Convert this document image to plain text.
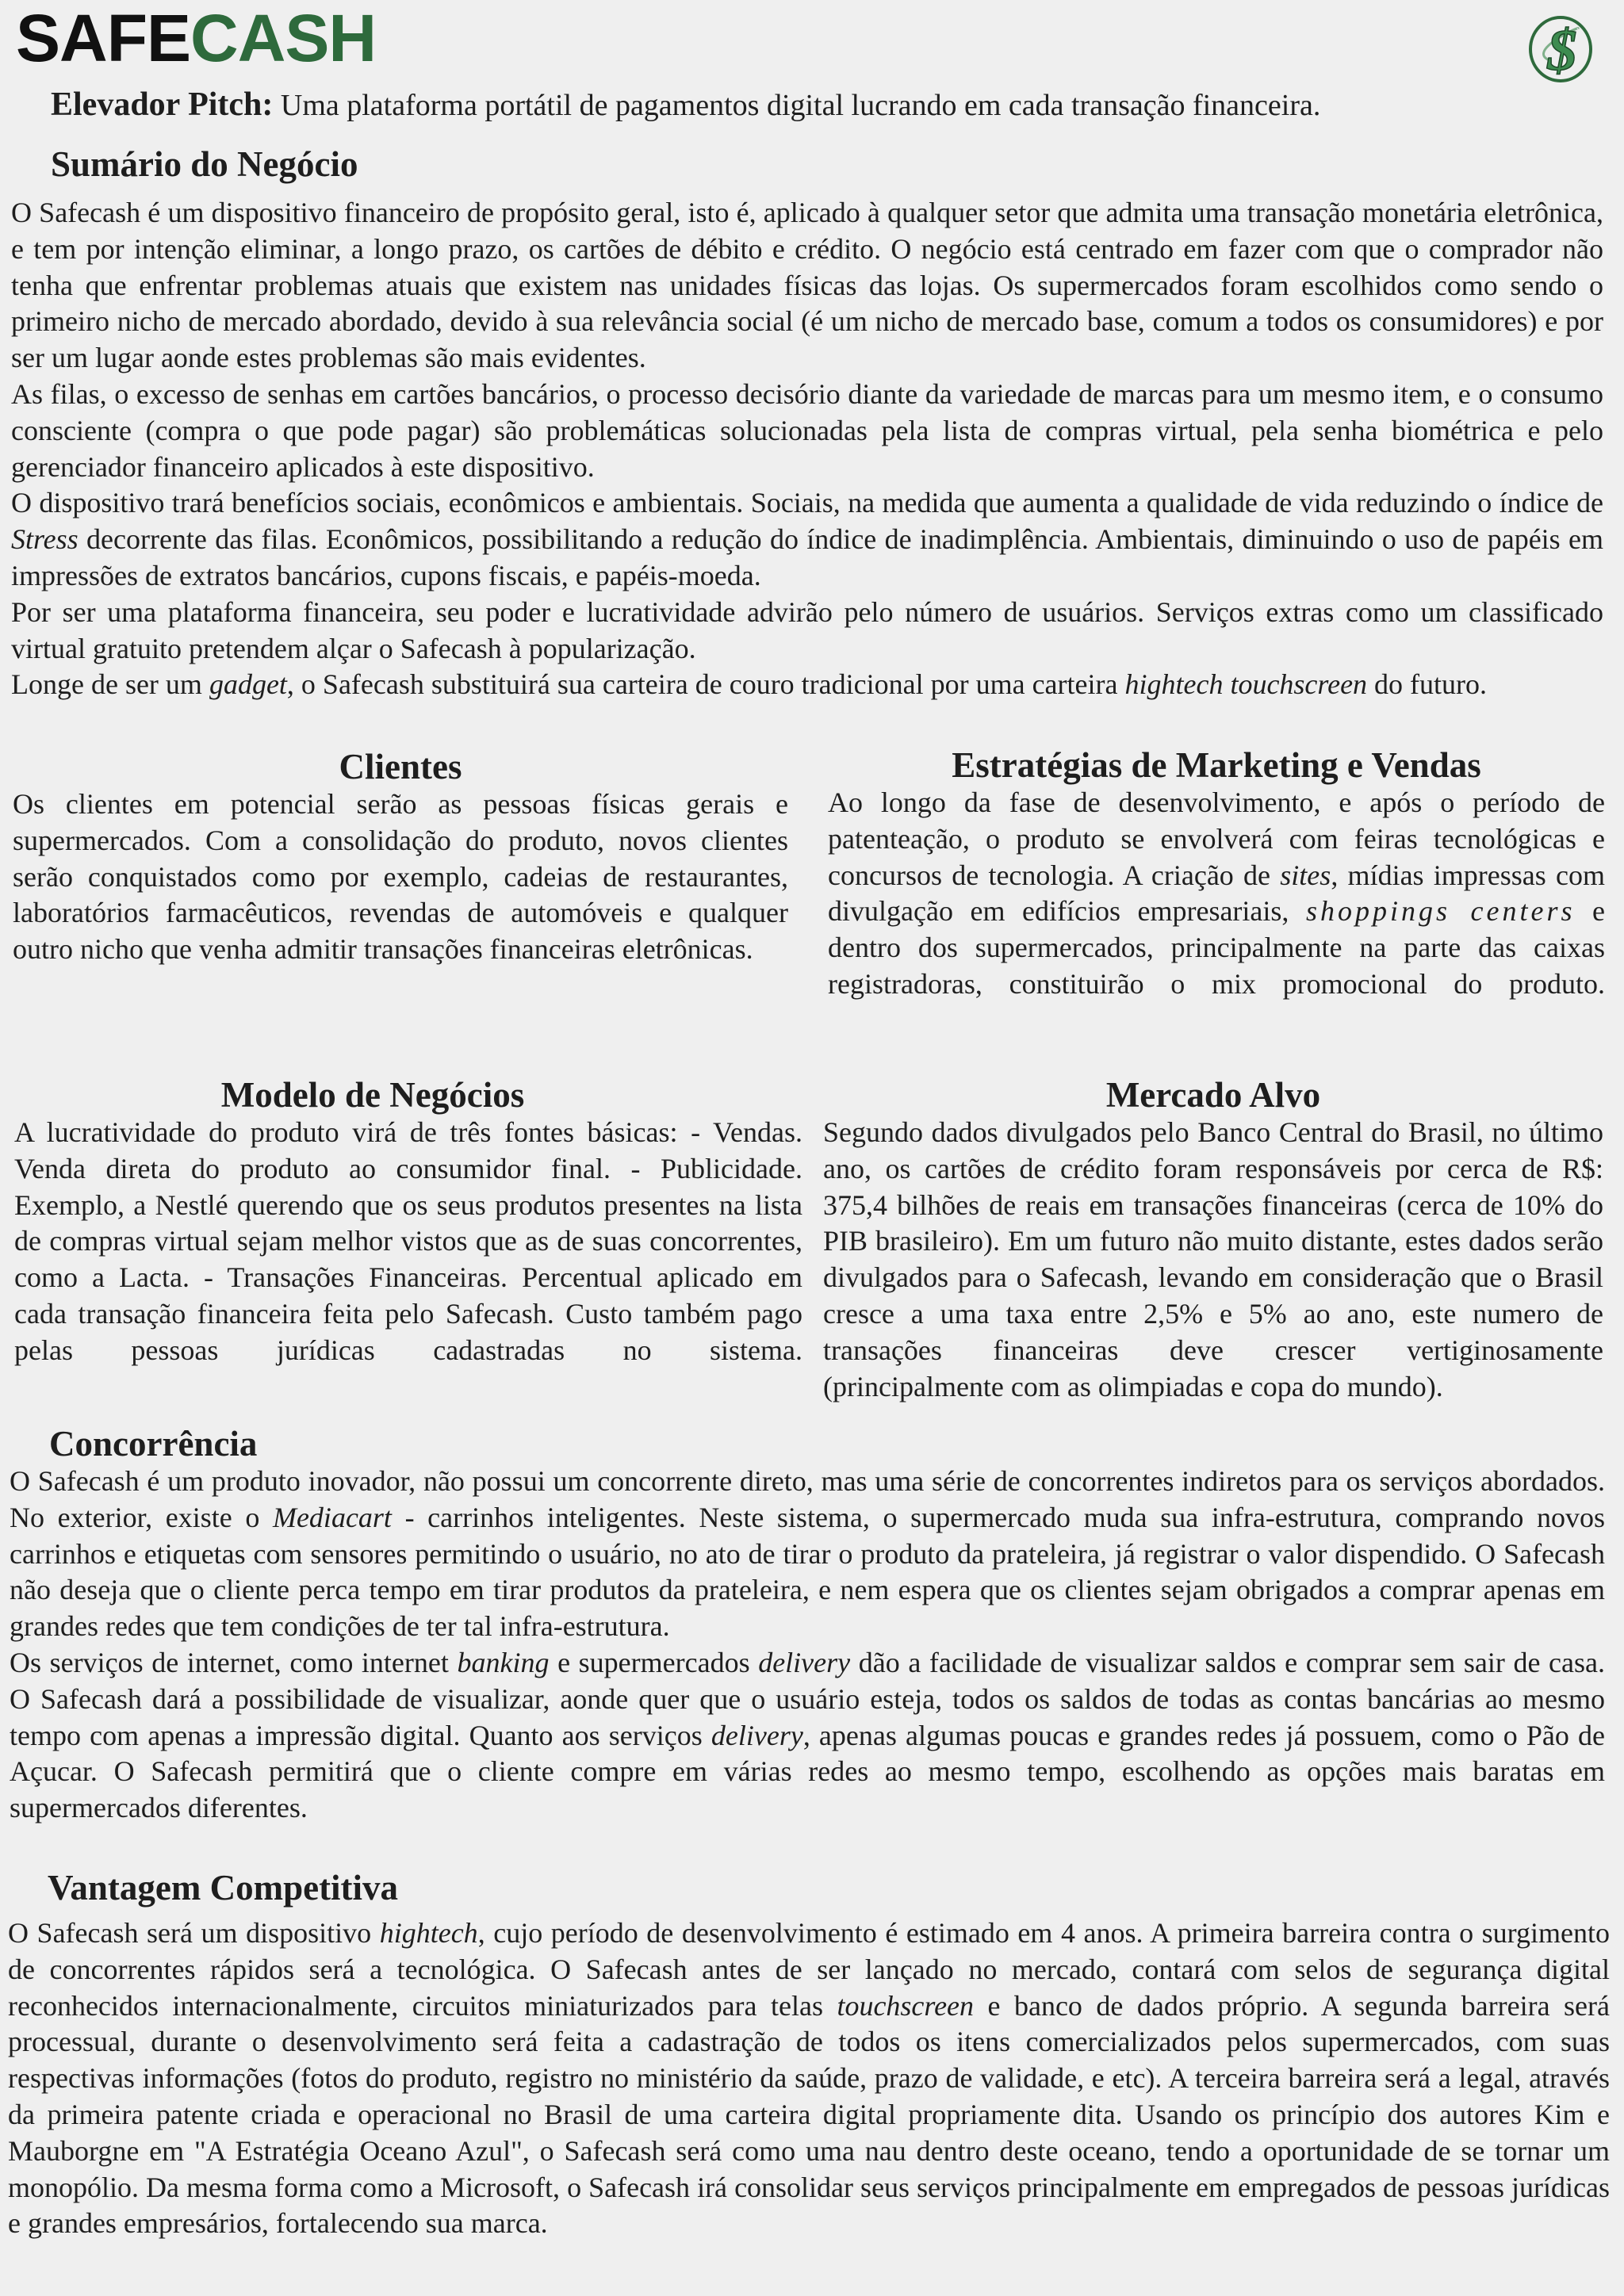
SAFECASH	$
Elevador Pitch: Uma plataforma portátil de pagamentos digital lucrando em cada transação financeira.
Sumário do Negócio

O Safecash é um dispositivo financeiro de propósito geral, isto é, aplicado à qualquer setor que admita uma transação monetária eletrônica, e tem por intenção eliminar, a longo prazo, os cartões de débito e crédito. O negócio está centrado em fazer com que o comprador não tenha que enfrentar problemas atuais que existem nas unidades físicas das lojas. Os supermercados foram escolhidos como sendo o primeiro nicho de mercado abordado, devido à sua relevância social (é um nicho de mercado base, comum a todos os consumidores) e por ser um lugar aonde estes problemas são mais evidentes.

As filas, o excesso de senhas em cartões bancários, o processo decisório diante da variedade de marcas para um mesmo item, e o consumo consciente (compra o que pode pagar) são problemáticas solucionadas pela lista de compras virtual, pela senha biométrica e pelo gerenciador financeiro aplicados à este dispositivo.

O dispositivo trará benefícios sociais, econômicos e ambientais. Sociais, na medida que aumenta a qualidade de vida reduzindo o índice de Stress decorrente das filas. Econômicos, possibilitando a redução do índice de inadimplência. Ambientais, diminuindo o uso de papéis em impressões de extratos bancários, cupons fiscais, e papéis-moeda.

Por ser uma plataforma financeira, seu poder e lucratividade advirão pelo número de usuários. Serviços extras como um classificado virtual gratuito pretendem alçar o Safecash à popularização.

Longe de ser um gadget, o Safecash substituirá sua carteira de couro tradicional por uma carteira hightech touchscreen do futuro.

Clientes

Os clientes em potencial serão as pessoas físicas gerais e supermercados. Com a consolidação do produto, novos clientes serão conquistados como por exemplo, cadeias de restaurantes, laboratórios farmacêuticos, revendas de automóveis e qualquer outro nicho que venha admitir transações financeiras eletrônicas.

Estratégias de Marketing e Vendas

Ao longo da fase de desenvolvimento, e após o período de patenteação, o produto se envolverá com feiras tecnológicas e concursos de tecnologia. A criação de sites, mídias impressas com divulgação em edifícios empresariais, shoppings centers e dentro dos supermercados, principalmente na parte das caixas registradoras, constituirão o mix promocional do produto.

Modelo de Negócios

A lucratividade do produto virá de três fontes básicas: - Vendas. Venda direta do produto ao consumidor final. - Publicidade. Exemplo, a Nestlé querendo que os seus produtos presentes na lista de compras virtual sejam melhor vistos que as de suas concorrentes, como a Lacta. - Transações Financeiras. Percentual aplicado em cada transação financeira feita pelo Safecash. Custo também pago pelas pessoas jurídicas cadastradas no sistema.

Mercado Alvo

Segundo dados divulgados pelo Banco Central do Brasil, no último ano, os cartões de crédito foram responsáveis por cerca de R$: 375,4 bilhões de reais em transações financeiras (cerca de 10% do PIB brasileiro). Em um futuro não muito distante, estes dados serão divulgados para o Safecash, levando em consideração que o Brasil cresce a uma taxa entre 2,5% e 5% ao ano, este numero de transações financeiras deve crescer vertiginosamente (principalmente com as olimpiadas e copa do mundo).

Concorrência

O Safecash é um produto inovador, não possui um concorrente direto, mas uma série de concorrentes indiretos para os serviços abordados. No exterior, existe o Mediacart - carrinhos inteligentes. Neste sistema, o supermercado muda sua infra-estrutura, comprando novos carrinhos e etiquetas com sensores permitindo o usuário, no ato de tirar o produto da prateleira, já registrar o valor dispendido. O Safecash não deseja que o cliente perca tempo em tirar produtos da prateleira, e nem espera que os clientes sejam obrigados a comprar apenas em grandes redes que tem condições de ter tal infra-estrutura.

Os serviços de internet, como internet banking e supermercados delivery dão a facilidade de visualizar saldos e comprar sem sair de casa. O Safecash dará a possibilidade de visualizar, aonde quer que o usuário esteja, todos os saldos de todas as contas bancárias ao mesmo tempo com apenas a impressão digital. Quanto aos serviços delivery, apenas algumas poucas e grandes redes já possuem, como o Pão de Açucar. O Safecash permitirá que o cliente compre em várias redes ao mesmo tempo, escolhendo as opções mais baratas em supermercados diferentes.

Vantagem Competitiva

O Safecash será um dispositivo hightech, cujo período de desenvolvimento é estimado em 4 anos. A primeira barreira contra o surgimento de concorrentes rápidos será a tecnológica. O Safecash antes de ser lançado no mercado, contará com selos de segurança digital reconhecidos internacionalmente, circuitos miniaturizados para telas touchscreen e banco de dados próprio. A segunda barreira será processual, durante o desenvolvimento será feita a cadastração de todos os itens comercializados pelos supermercados, com suas respectivas informações (fotos do produto, registro no ministério da saúde, prazo de validade, e etc). A terceira barreira será a legal, através da primeira patente criada e operacional no Brasil de uma carteira digital propriamente dita. Usando os princípio dos autores Kim e Mauborgne em "A Estratégia Oceano Azul", o Safecash será como uma nau dentro deste oceano, tendo a oportunidade de se tornar um monopólio. Da mesma forma como a Microsoft, o Safecash irá consolidar seus serviços principalmente em empregados de pessoas jurídicas e grandes empresários, fortalecendo sua marca.
